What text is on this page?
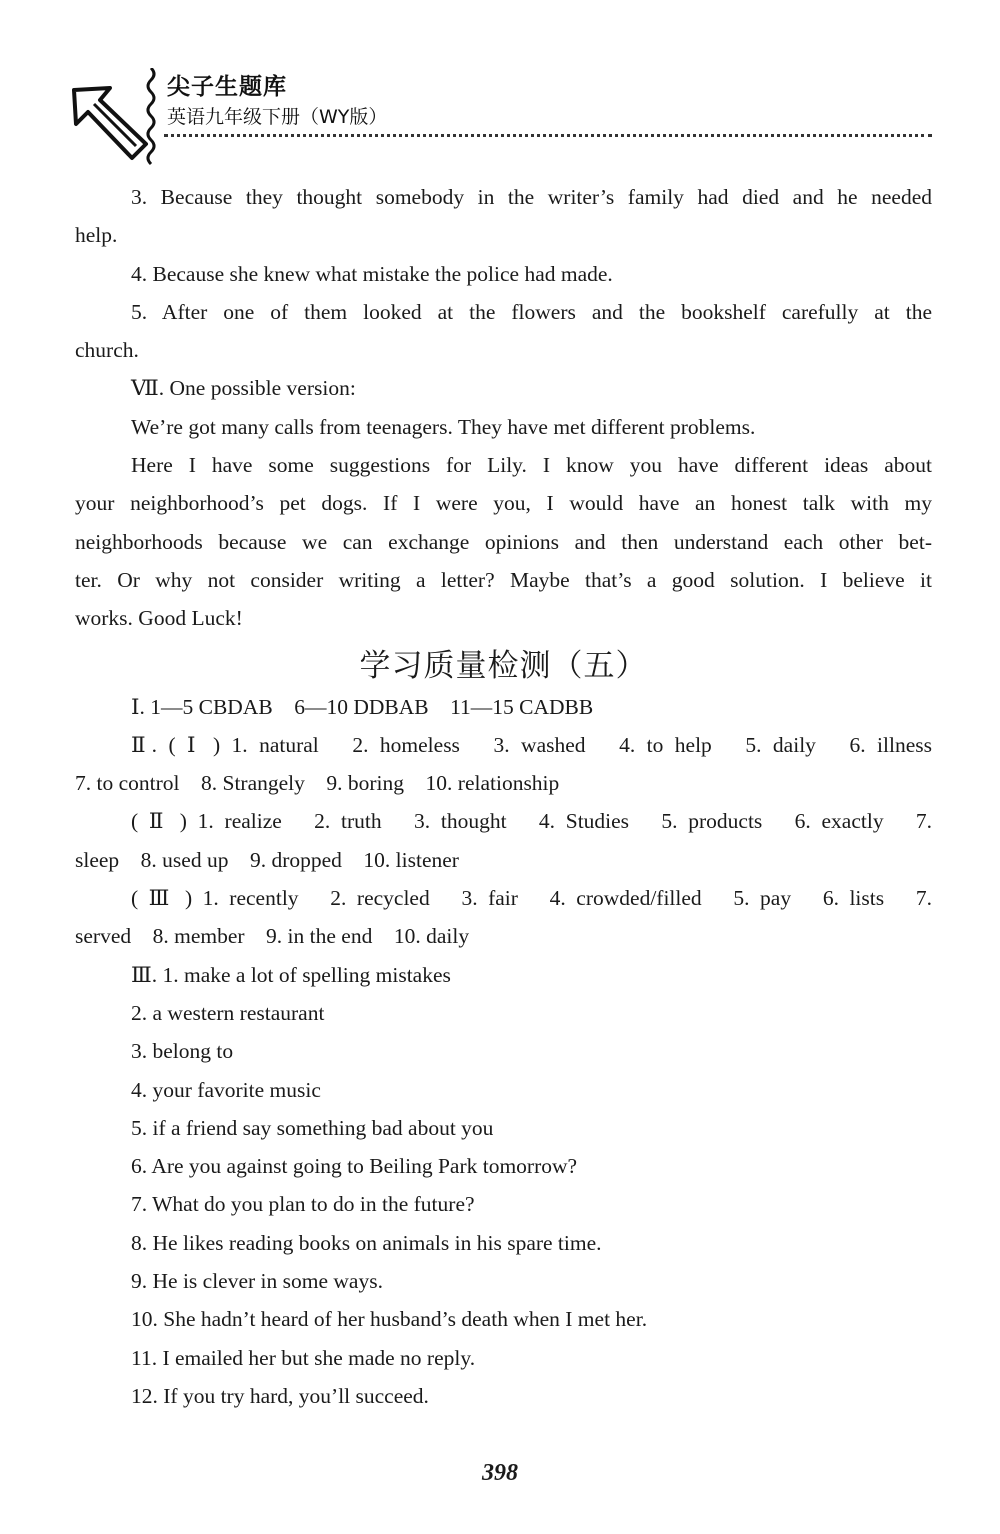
尖子生题库
英语九年级下册（WY版）

3. Because they thought somebody in the writer’s family had died and he needed

help.

4. Because she knew what mistake the police had made.

5. After one of them looked at the flowers and the bookshelf carefully at the

church.

Ⅶ. One possible version:

We’re got many calls from teenagers. They have met different problems.

Here I have some suggestions for Lily. I know you have different ideas about

your neighborhood’s pet dogs. If I were you, I would have an honest talk with my

neighborhoods because we can exchange opinions and then understand each other bet-

ter. Or why not consider writing a letter? Maybe that’s a good solution. I believe it

works. Good Luck!

学习质量检测（五）

Ⅰ. 1—5 CBDAB　6—10 DDBAB　11—15 CADBB

Ⅱ. ( Ⅰ ) 1. natural　2. homeless　3. washed　4. to help　5. daily　6. illness

7. to control　8. Strangely　9. boring　10. relationship

( Ⅱ ) 1. realize　2. truth　3. thought　4. Studies　5. products　6. exactly　7.

sleep　8. used up　9. dropped　10. listener

( Ⅲ ) 1. recently　2. recycled　3. fair　4. crowded/filled　5. pay　6. lists　7.

served　8. member　9. in the end　10. daily

Ⅲ. 1. make a lot of spelling mistakes

2. a western restaurant

3. belong to

4. your favorite music

5. if a friend say something bad about you

6. Are you against going to Beiling Park tomorrow?

7. What do you plan to do in the future?

8. He likes reading books on animals in his spare time.

9. He is clever in some ways.

10. She hadn’t heard of her husband’s death when I met her.

11. I emailed her but she made no reply.

12. If you try hard, you’ll succeed.

398
